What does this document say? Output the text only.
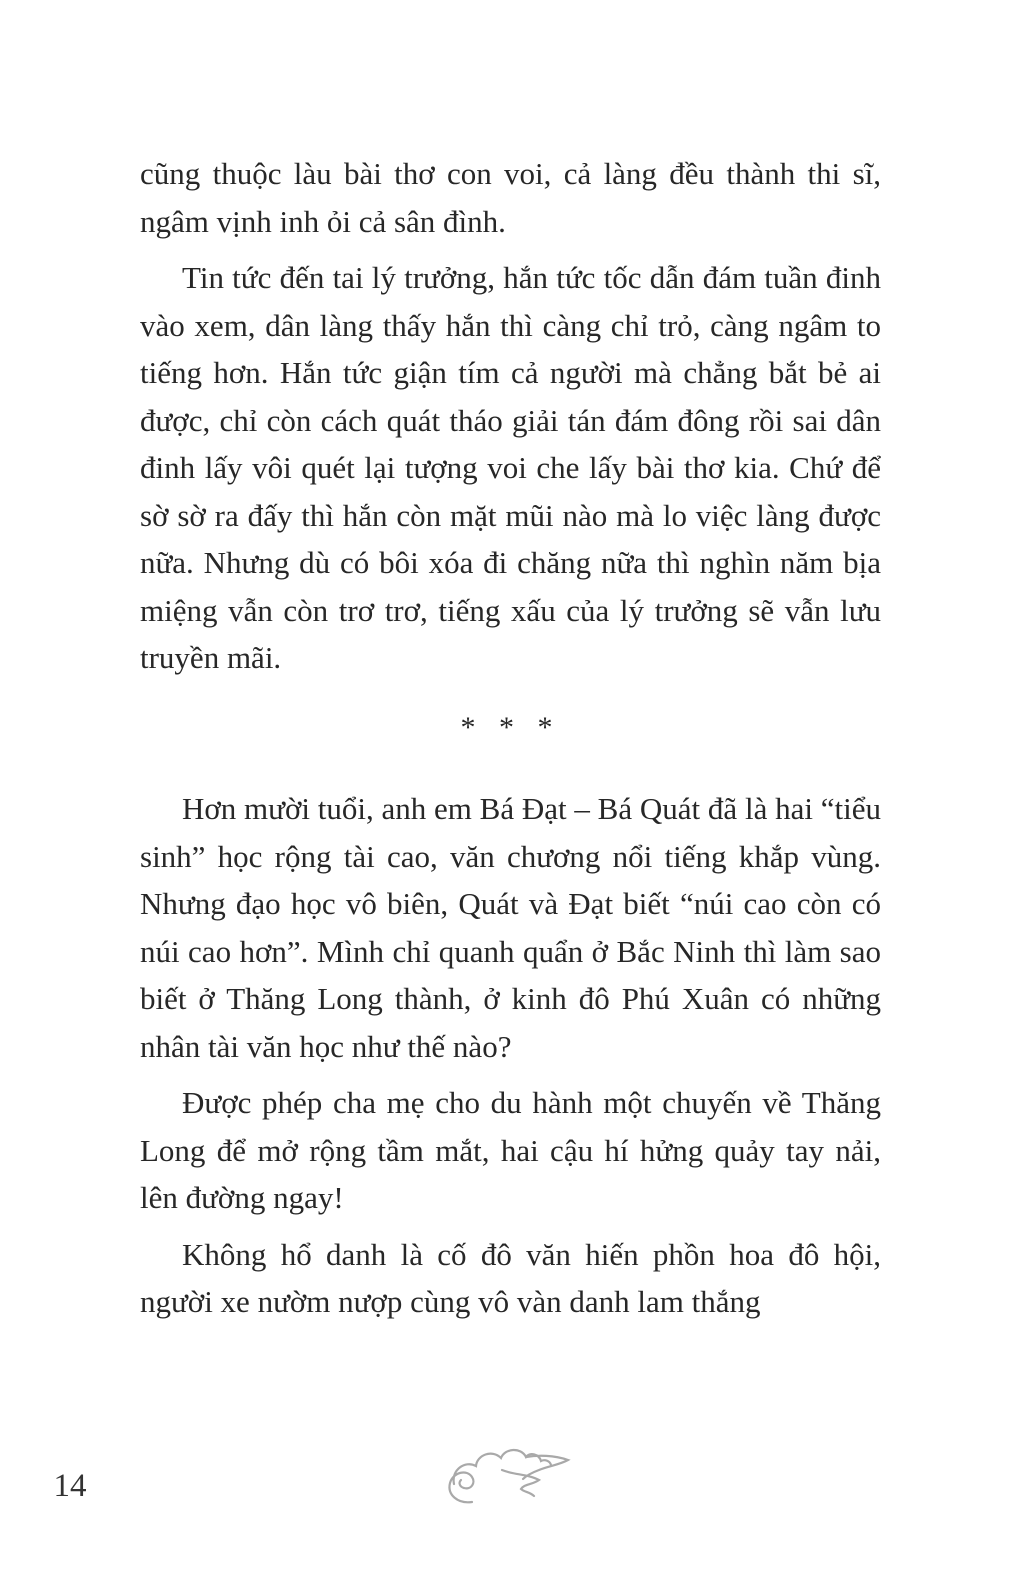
cũng thuộc làu bài thơ con voi, cả làng đều thành thi sĩ, ngâm vịnh inh ỏi cả sân đình.

Tin tức đến tai lý trưởng, hắn tức tốc dẫn đám tuần đinh vào xem, dân làng thấy hắn thì càng chỉ trỏ, càng ngâm to tiếng hơn. Hắn tức giận tím cả người mà chẳng bắt bẻ ai được, chỉ còn cách quát tháo giải tán đám đông rồi sai dân đinh lấy vôi quét lại tượng voi che lấy bài thơ kia. Chứ để sờ sờ ra đấy thì hắn còn mặt mũi nào mà lo việc làng được nữa. Nhưng dù có bôi xóa đi chăng nữa thì nghìn năm bịa miệng vẫn còn trơ trơ, tiếng xấu của lý trưởng sẽ vẫn lưu truyền mãi.

* * *

Hơn mười tuổi, anh em Bá Đạt – Bá Quát đã là hai “tiểu sinh” học rộng tài cao, văn chương nổi tiếng khắp vùng. Nhưng đạo học vô biên, Quát và Đạt biết “núi cao còn có núi cao hơn”. Mình chỉ quanh quẩn ở Bắc Ninh thì làm sao biết ở Thăng Long thành, ở kinh đô Phú Xuân có những nhân tài văn học như thế nào?

Được phép cha mẹ cho du hành một chuyến về Thăng Long để mở rộng tầm mắt, hai cậu hí hửng quảy tay nải, lên đường ngay!

Không hổ danh là cố đô văn hiến phồn hoa đô hội, người xe nườm nượp cùng vô vàn danh lam thắng

14
